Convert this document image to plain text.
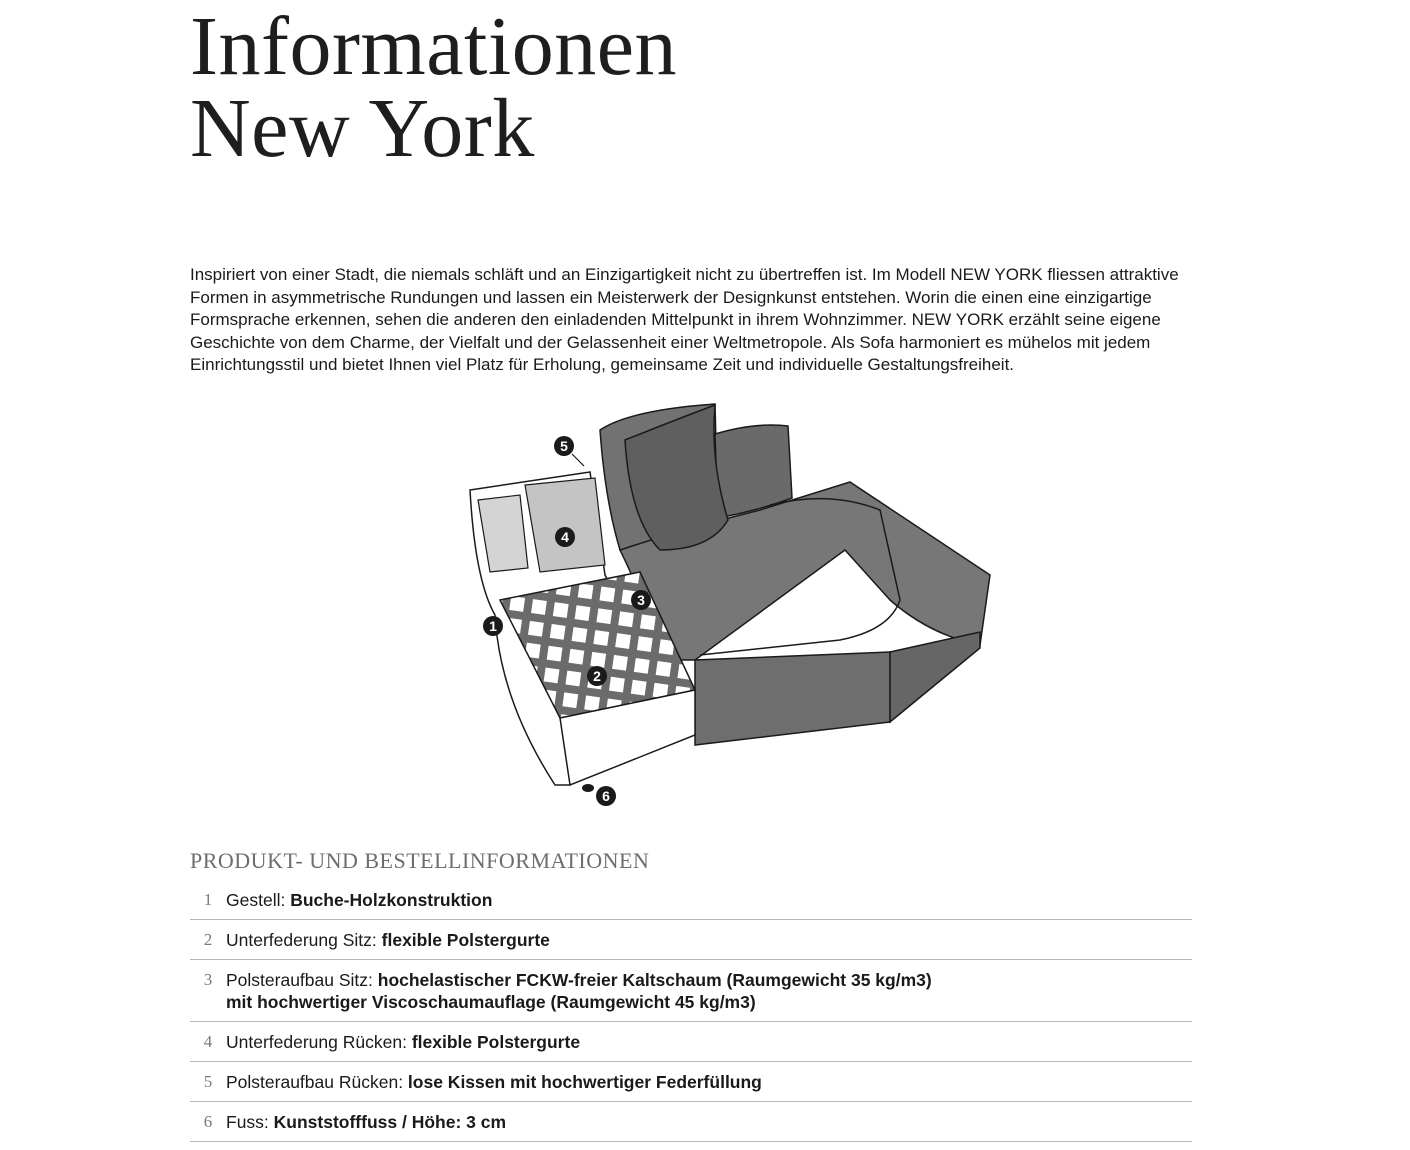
Informationen
New York

Inspiriert von einer Stadt, die niemals schläft und an Einzigartigkeit nicht zu übertreffen ist. Im Modell NEW YORK fliessen attraktive Formen in asymmetrische Rundungen und lassen ein Meisterwerk der Designkunst entstehen. Worin die einen eine einzigartige Formsprache erkennen, sehen die anderen den einladenden Mittelpunkt in ihrem Wohnzimmer. NEW YORK erzählt seine eigene Geschichte von dem Charme, der Vielfalt und der Gelassenheit einer Weltmetropole. Als Sofa harmoniert es mühelos mit jedem Einrichtungsstil und bietet Ihnen viel Platz für Erholung, gemeinsame Zeit und individuelle Gestaltungsfreiheit.

1
2
3
4
5
6
PRODUKT- UND BESTELLINFORMATIONEN
1 Gestell: Buche-Holzkonstruktion
2 Unterfederung Sitz: flexible Polstergurte
3 Polsteraufbau Sitz: hochelastischer FCKW-freier Kaltschaum (Raumgewicht 35 kg/m3)
mit hochwertiger Viscoschaumauflage (Raumgewicht 45 kg/m3)
4 Unterfederung Rücken: flexible Polstergurte
5 Polsteraufbau Rücken: lose Kissen mit hochwertiger Federfüllung
6 Fuss: Kunststofffuss / Höhe: 3 cm
